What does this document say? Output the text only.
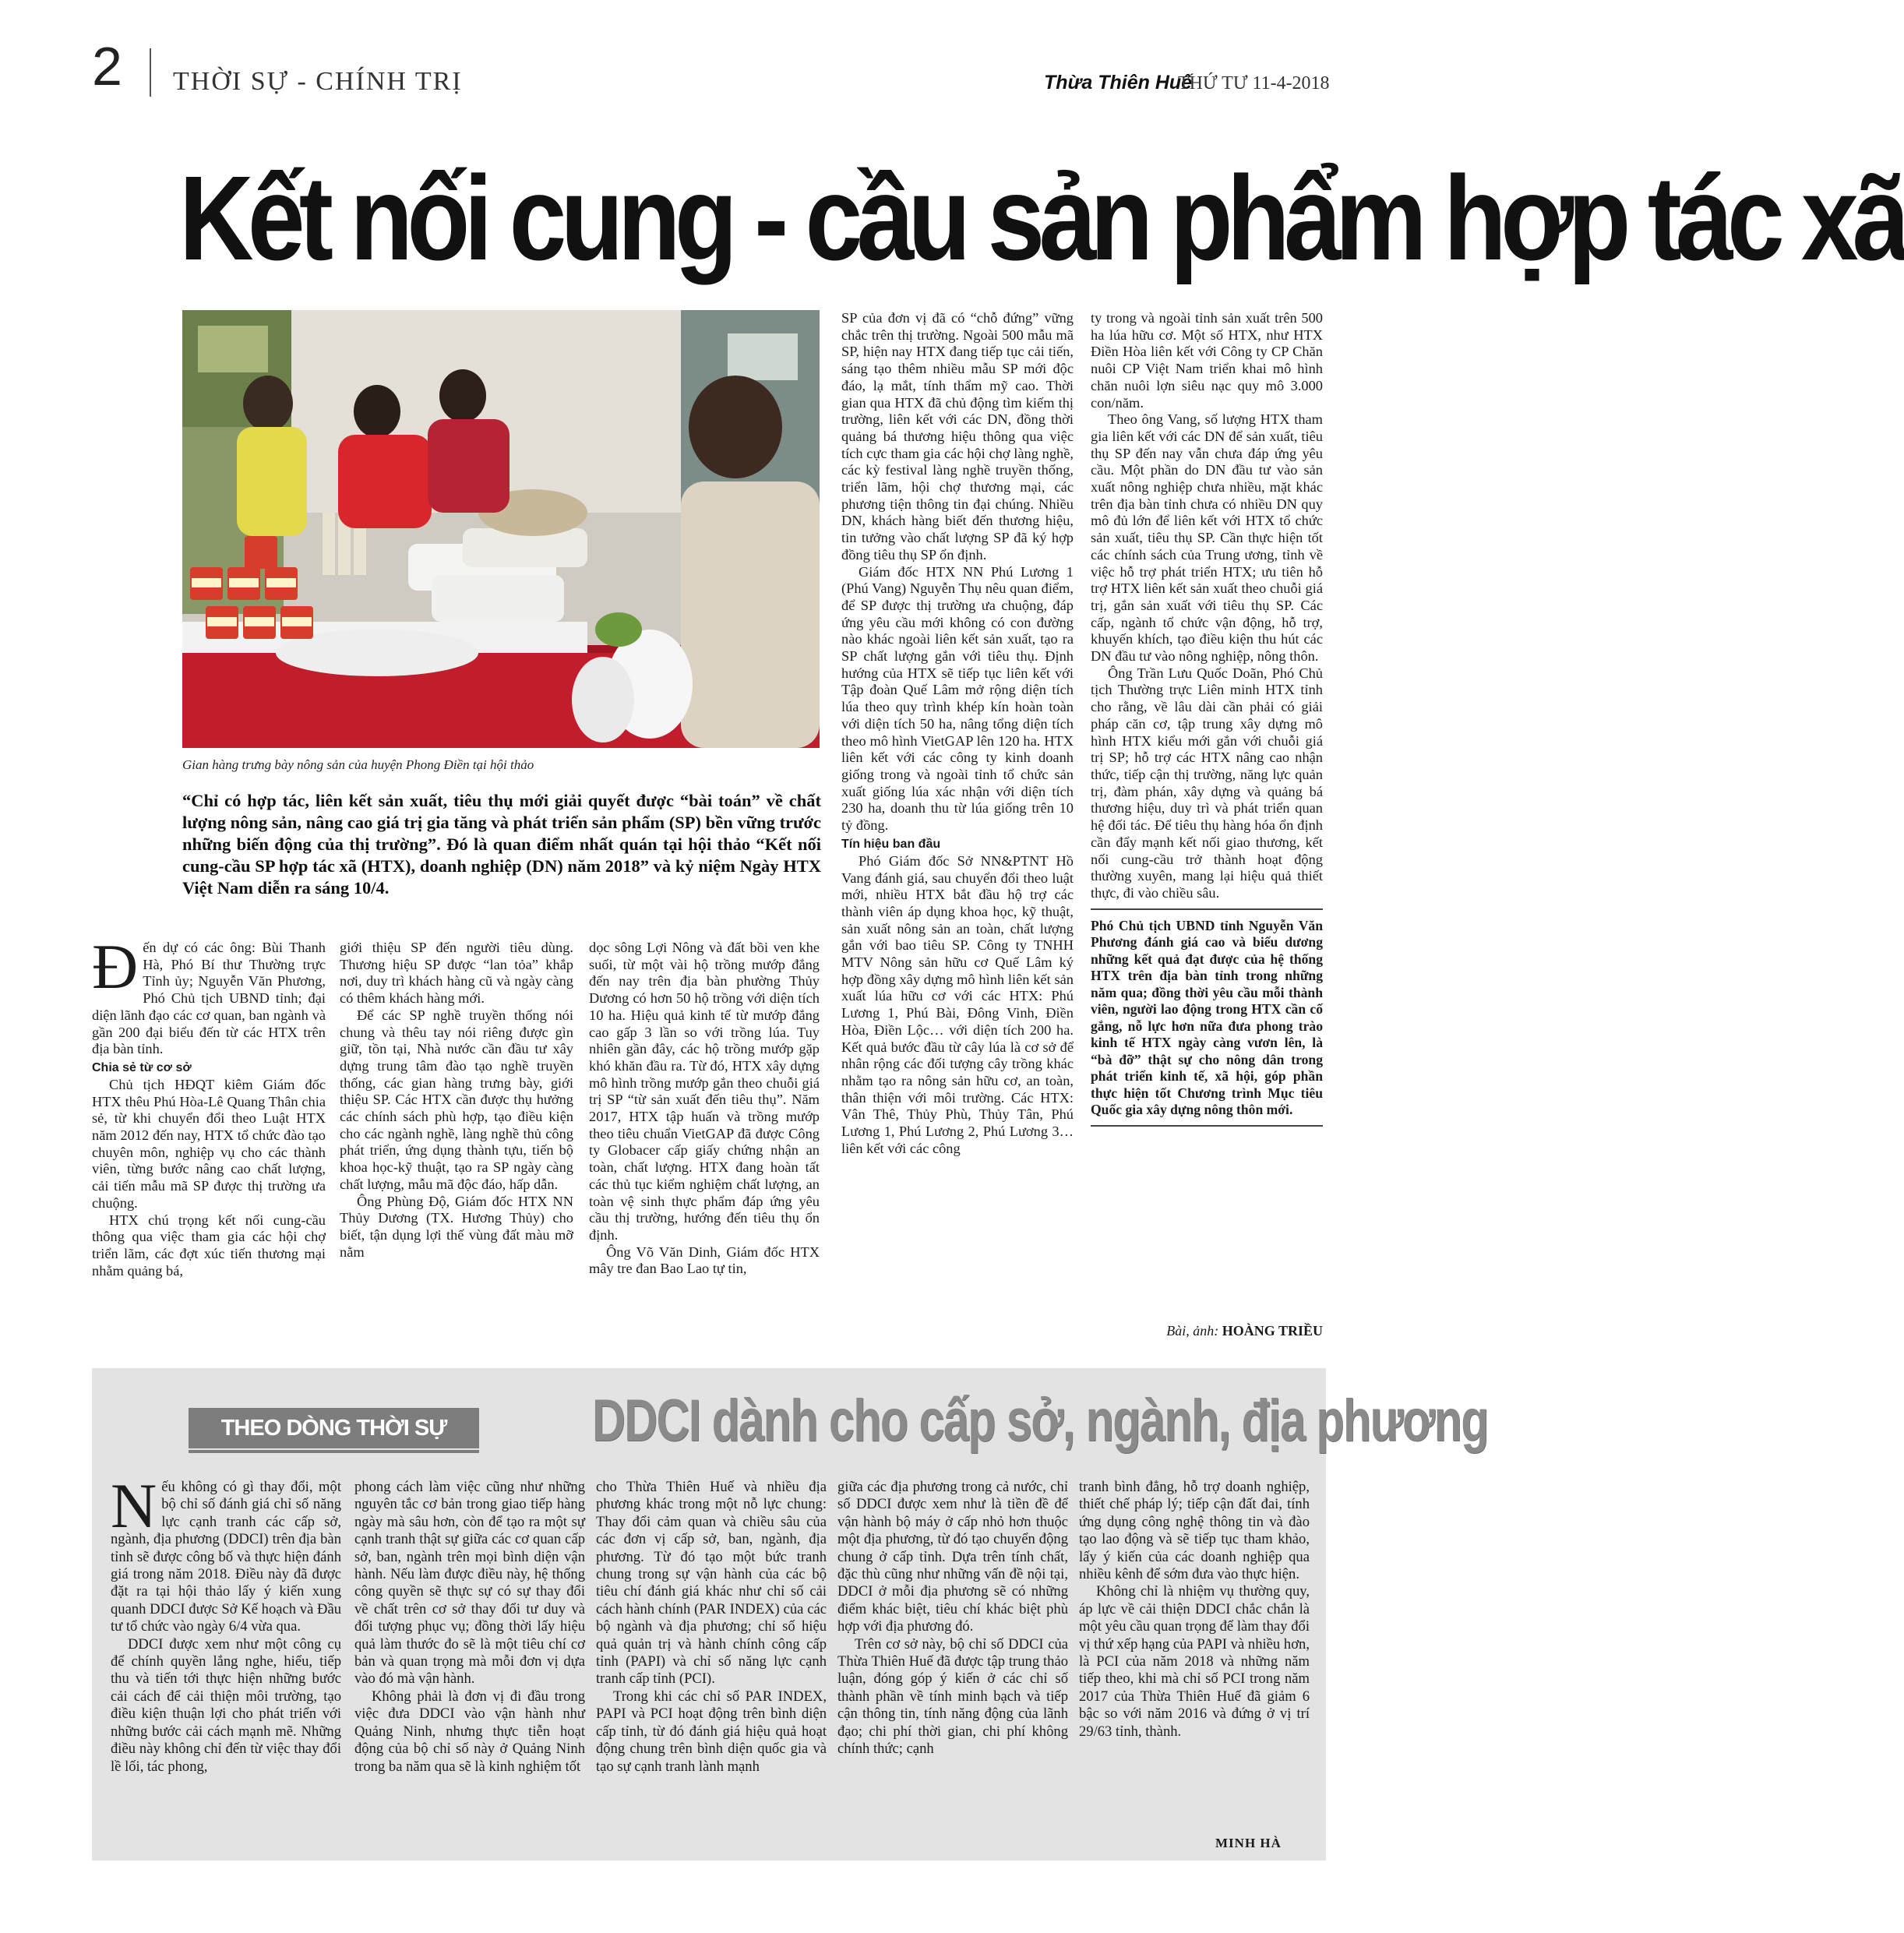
2 THỜI SỰ - CHÍNH TRỊ	Thừa Thiên Huế
THỨ TƯ 11-4-2018
Kết nối cung - cầu sản phẩm hợp tác xã
Gian hàng trưng bày nông sản của huyện Phong Điền tại hội thảo
“Chỉ có hợp tác, liên kết sản xuất, tiêu thụ mới giải quyết được “bài toán” về chất lượng nông sản, nâng cao giá trị gia tăng và phát triển sản phẩm (SP) bền vững trước những biến động của thị trường”. Đó là quan điểm nhất quán tại hội thảo “Kết nối cung-cầu SP hợp tác xã (HTX), doanh nghiệp (DN) năm 2018” và kỷ niệm Ngày HTX Việt Nam diễn ra sáng 10/4.
Đ ến dự có các ông: Bùi Thanh Hà, Phó Bí thư Thường trực Tỉnh ủy; Nguyễn Văn Phương, Phó Chủ tịch UBND tỉnh; đại diện lãnh đạo các cơ quan, ban ngành và gần 200 đại biểu đến từ các HTX trên địa bàn tỉnh.

Chia sẻ từ cơ sở

Chủ tịch HĐQT kiêm Giám đốc HTX thêu Phú Hòa-Lê Quang Thân chia sẻ, từ khi chuyển đổi theo Luật HTX năm 2012 đến nay, HTX tổ chức đào tạo chuyên môn, nghiệp vụ cho các thành viên, từng bước nâng cao chất lượng, cải tiến mẫu mã SP được thị trường ưa chuộng.

HTX chú trọng kết nối cung-cầu thông qua việc tham gia các hội chợ triển lãm, các đợt xúc tiến thương mại nhằm quảng bá,

giới thiệu SP đến người tiêu dùng. Thương hiệu SP được “lan tỏa” khắp nơi, duy trì khách hàng cũ và ngày càng có thêm khách hàng mới.

Để các SP nghề truyền thống nói chung và thêu tay nói riêng được gìn giữ, tồn tại, Nhà nước cần đầu tư xây dựng trung tâm đào tạo nghề truyền thống, các gian hàng trưng bày, giới thiệu SP. Các HTX cần được thụ hưởng các chính sách phù hợp, tạo điều kiện cho các ngành nghề, làng nghề thủ công phát triển, ứng dụng thành tựu, tiến bộ khoa học-kỹ thuật, tạo ra SP ngày càng chất lượng, mẫu mã độc đáo, hấp dẫn.

Ông Phùng Độ, Giám đốc HTX NN Thủy Dương (TX. Hương Thủy) cho biết, tận dụng lợi thế vùng đất màu mỡ nằm

dọc sông Lợi Nông và đất bồi ven khe suối, từ một vài hộ trồng mướp đắng đến nay trên địa bàn phường Thủy Dương có hơn 50 hộ trồng với diện tích 10 ha. Hiệu quả kinh tế từ mướp đắng cao gấp 3 lần so với trồng lúa. Tuy nhiên gần đây, các hộ trồng mướp gặp khó khăn đầu ra. Từ đó, HTX xây dựng mô hình trồng mướp gắn theo chuỗi giá trị SP “từ sản xuất đến tiêu thụ”. Năm 2017, HTX tập huấn và trồng mướp theo tiêu chuẩn VietGAP đã được Công ty Globacer cấp giấy chứng nhận an toàn, chất lượng. HTX đang hoàn tất các thủ tục kiểm nghiệm chất lượng, an toàn vệ sinh thực phẩm đáp ứng yêu cầu thị trường, hướng đến tiêu thụ ổn định.

Ông Võ Văn Dinh, Giám đốc HTX mây tre đan Bao Lao tự tin,

SP của đơn vị đã có “chỗ đứng” vững chắc trên thị trường. Ngoài 500 mẫu mã SP, hiện nay HTX đang tiếp tục cải tiến, sáng tạo thêm nhiều mẫu SP mới độc đáo, lạ mắt, tính thẩm mỹ cao. Thời gian qua HTX đã chủ động tìm kiếm thị trường, liên kết với các DN, đồng thời quảng bá thương hiệu thông qua việc tích cực tham gia các hội chợ làng nghề, các kỳ festival làng nghề truyền thống, triển lãm, hội chợ thương mại, các phương tiện thông tin đại chúng. Nhiều DN, khách hàng biết đến thương hiệu, tin tưởng vào chất lượng SP đã ký hợp đồng tiêu thụ SP ổn định.

Giám đốc HTX NN Phú Lương 1 (Phú Vang) Nguyễn Thụ nêu quan điểm, để SP được thị trường ưa chuộng, đáp ứng yêu cầu mới không có con đường nào khác ngoài liên kết sản xuất, tạo ra SP chất lượng gắn với tiêu thụ. Định hướng của HTX sẽ tiếp tục liên kết với Tập đoàn Quế Lâm mở rộng diện tích lúa theo quy trình khép kín hoàn toàn với diện tích 50 ha, nâng tổng diện tích theo mô hình VietGAP lên 120 ha. HTX liên kết với các công ty kinh doanh giống trong và ngoài tỉnh tổ chức sản xuất giống lúa xác nhận với diện tích 230 ha, doanh thu từ lúa giống trên 10 tỷ đồng.

Tín hiệu ban đầu

Phó Giám đốc Sở NN&PTNT Hồ Vang đánh giá, sau chuyển đổi theo luật mới, nhiều HTX bắt đầu hộ trợ các thành viên áp dụng khoa học, kỹ thuật, sản xuất nông sản an toàn, chất lượng gắn với bao tiêu SP. Công ty TNHH MTV Nông sản hữu cơ Quế Lâm ký hợp đồng xây dựng mô hình liên kết sản xuất lúa hữu cơ với các HTX: Phú Lương 1, Phú Bài, Đông Vinh, Điền Hòa, Điền Lộc… với diện tích 200 ha. Kết quả bước đầu từ cây lúa là cơ sở để nhân rộng các đối tượng cây trồng khác nhằm tạo ra nông sản hữu cơ, an toàn, thân thiện với môi trường. Các HTX: Vân Thê, Thủy Phù, Thủy Tân, Phú Lương 1, Phú Lương 2, Phú Lương 3… liên kết với các công

ty trong và ngoài tỉnh sản xuất trên 500 ha lúa hữu cơ. Một số HTX, như HTX Điền Hòa liên kết với Công ty CP Chăn nuôi CP Việt Nam triển khai mô hình chăn nuôi lợn siêu nạc quy mô 3.000 con/năm.

Theo ông Vang, số lượng HTX tham gia liên kết với các DN để sản xuất, tiêu thụ SP đến nay vẫn chưa đáp ứng yêu cầu. Một phần do DN đầu tư vào sản xuất nông nghiệp chưa nhiều, mặt khác trên địa bàn tỉnh chưa có nhiều DN quy mô đủ lớn để liên kết với HTX tổ chức sản xuất, tiêu thụ SP. Cần thực hiện tốt các chính sách của Trung ương, tỉnh về việc hỗ trợ phát triển HTX; ưu tiên hỗ trợ HTX liên kết sản xuất theo chuỗi giá trị, gắn sản xuất với tiêu thụ SP. Các cấp, ngành tổ chức vận động, hỗ trợ, khuyến khích, tạo điều kiện thu hút các DN đầu tư vào nông nghiệp, nông thôn.

Ông Trần Lưu Quốc Doãn, Phó Chủ tịch Thường trực Liên minh HTX tỉnh cho rằng, về lâu dài cần phải có giải pháp căn cơ, tập trung xây dựng mô hình HTX kiểu mới gắn với chuỗi giá trị SP; hỗ trợ các HTX nâng cao nhận thức, tiếp cận thị trường, năng lực quản trị, đàm phán, xây dựng và quảng bá thương hiệu, duy trì và phát triển quan hệ đối tác. Để tiêu thụ hàng hóa ổn định cần đẩy mạnh kết nối giao thương, kết nối cung-cầu trở thành hoạt động thường xuyên, mang lại hiệu quả thiết thực, đi vào chiều sâu.

Phó Chủ tịch UBND tỉnh Nguyễn Văn Phương đánh giá cao và biểu dương những kết quả đạt được của hệ thống HTX trên địa bàn tỉnh trong những năm qua; đồng thời yêu cầu mỗi thành viên, người lao động trong HTX cần cố gắng, nỗ lực hơn nữa đưa phong trào kinh tế HTX ngày càng vươn lên, là “bà đỡ” thật sự cho nông dân trong phát triển kinh tế, xã hội, góp phần thực hiện tốt Chương trình Mục tiêu Quốc gia xây dựng nông thôn mới.
Bài, ảnh: HOÀNG TRIỀU
THEO DÒNG THỜI SỰ	DDCI dành cho cấp sở, ngành, địa phương
N ếu không có gì thay đổi, một bộ chỉ số đánh giá chỉ số năng lực cạnh tranh các cấp sở, ngành, địa phương (DDCI) trên địa bàn tỉnh sẽ được công bố và thực hiện đánh giá trong năm 2018. Điều này đã được đặt ra tại hội thảo lấy ý kiến xung quanh DDCI được Sở Kế hoạch và Đầu tư tổ chức vào ngày 6/4 vừa qua.

DDCI được xem như một công cụ để chính quyền lắng nghe, hiểu, tiếp thu và tiến tới thực hiện những bước cải cách để cải thiện môi trường, tạo điều kiện thuận lợi cho phát triển với những bước cải cách mạnh mẽ. Những điều này không chỉ đến từ việc thay đổi lề lối, tác phong,

phong cách làm việc cũng như những nguyên tắc cơ bản trong giao tiếp hàng ngày mà sâu hơn, còn để tạo ra một sự cạnh tranh thật sự giữa các cơ quan cấp sở, ban, ngành trên mọi bình diện vận hành. Nếu làm được điều này, hệ thống công quyền sẽ thực sự có sự thay đổi về chất trên cơ sở thay đổi tư duy và đối tượng phục vụ; đồng thời lấy hiệu quả làm thước đo sẽ là một tiêu chí cơ bản và quan trọng mà mỗi đơn vị dựa vào đó mà vận hành.

Không phải là đơn vị đi đầu trong việc đưa DDCI vào vận hành như Quảng Ninh, nhưng thực tiễn hoạt động của bộ chỉ số này ở Quảng Ninh trong ba năm qua sẽ là kinh nghiệm tốt

cho Thừa Thiên Huế và nhiều địa phương khác trong một nỗ lực chung: Thay đổi cảm quan và chiều sâu của các đơn vị cấp sở, ban, ngành, địa phương. Từ đó tạo một bức tranh chung trong sự vận hành của các bộ tiêu chí đánh giá khác như chỉ số cải cách hành chính (PAR INDEX) của các bộ ngành và địa phương; chỉ số hiệu quả quản trị và hành chính công cấp tỉnh (PAPI) và chỉ số năng lực cạnh tranh cấp tỉnh (PCI).

Trong khi các chỉ số PAR INDEX, PAPI và PCI hoạt động trên bình diện cấp tỉnh, từ đó đánh giá hiệu quả hoạt động chung trên bình diện quốc gia và tạo sự cạnh tranh lành mạnh

giữa các địa phương trong cả nước, chỉ số DDCI được xem như là tiền đề để vận hành bộ máy ở cấp nhỏ hơn thuộc một địa phương, từ đó tạo chuyển động chung ở cấp tỉnh. Dựa trên tính chất, đặc thù cũng như những vấn đề nội tại, DDCI ở mỗi địa phương sẽ có những điểm khác biệt, tiêu chí khác biệt phù hợp với địa phương đó.

Trên cơ sở này, bộ chỉ số DDCI của Thừa Thiên Huế đã được tập trung thảo luận, đóng góp ý kiến ở các chỉ số thành phần về tính minh bạch và tiếp cận thông tin, tính năng động của lãnh đạo; chi phí thời gian, chi phí không chính thức; cạnh

tranh bình đẳng, hỗ trợ doanh nghiệp, thiết chế pháp lý; tiếp cận đất đai, tính ứng dụng công nghệ thông tin và đào tạo lao động và sẽ tiếp tục tham khảo, lấy ý kiến của các doanh nghiệp qua nhiều kênh để sớm đưa vào thực hiện.

Không chỉ là nhiệm vụ thường quy, áp lực về cải thiện DDCI chắc chắn là một yêu cầu quan trọng để làm thay đổi vị thứ xếp hạng của PAPI và nhiều hơn, là PCI của năm 2018 và những năm tiếp theo, khi mà chỉ số PCI trong năm 2017 của Thừa Thiên Huế đã giảm 6 bậc so với năm 2016 và đứng ở vị trí 29/63 tỉnh, thành.

MINH HÀ
